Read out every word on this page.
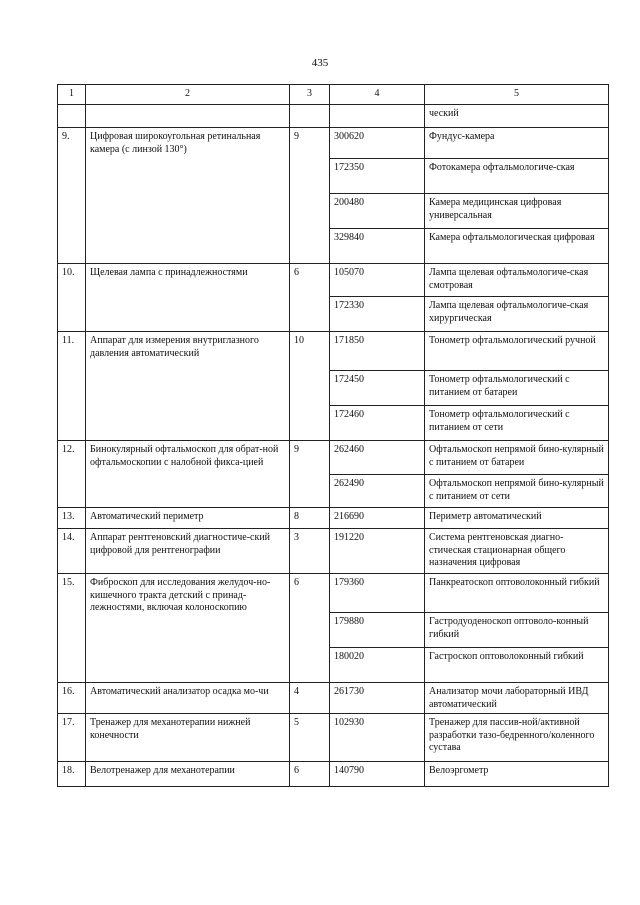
435
1	2	3	4	5
				ческий
9.	Цифровая широкоугольная ретинальная камера (с линзой 130°)	9	300620	Фундус-камера
			172350	Фотокамера офтальмологиче-ская
			200480	Камера медицинская цифровая универсальная
			329840	Камера офтальмологическая цифровая
10.	Щелевая лампа с принадлежностями	6	105070	Лампа щелевая офтальмологиче-ская смотровая
			172330	Лампа щелевая офтальмологиче-ская хирургическая
11.	Аппарат для измерения внутриглазного давления автоматический	10	171850	Тонометр офтальмологический ручной
			172450	Тонометр офтальмологический с питанием от батареи
			172460	Тонометр офтальмологический с питанием от сети
12.	Бинокулярный офтальмоскоп для обрат-ной офтальмоскопии с налобной фикса-цией	9	262460	Офтальмоскоп непрямой бино-кулярный с питанием от батареи
			262490	Офтальмоскоп непрямой бино-кулярный с питанием от сети
13.	Автоматический периметр	8	216690	Периметр автоматический
14.	Аппарат рентгеновский диагностиче-ский цифровой для рентгенографии	3	191220	Система рентгеновская диагно-стическая стационарная общего назначения цифровая
15.	Фиброскоп для исследования желудоч-но-кишечного тракта детский с принад-лежностями, включая колоноскопию	6	179360	Панкреатоскоп оптоволоконный гибкий
			179880	Гастродуоденоскоп оптоволо-конный гибкий
			180020	Гастроскоп оптоволоконный гибкий
16.	Автоматический анализатор осадка мо-чи	4	261730	Анализатор мочи лабораторный ИВД автоматический
17.	Тренажер для механотерапии нижней конечности	5	102930	Тренажер для пассив-ной/активной разработки тазо-бедренного/коленного сустава
18.	Велотренажер для механотерапии	6	140790	Велоэргометр
